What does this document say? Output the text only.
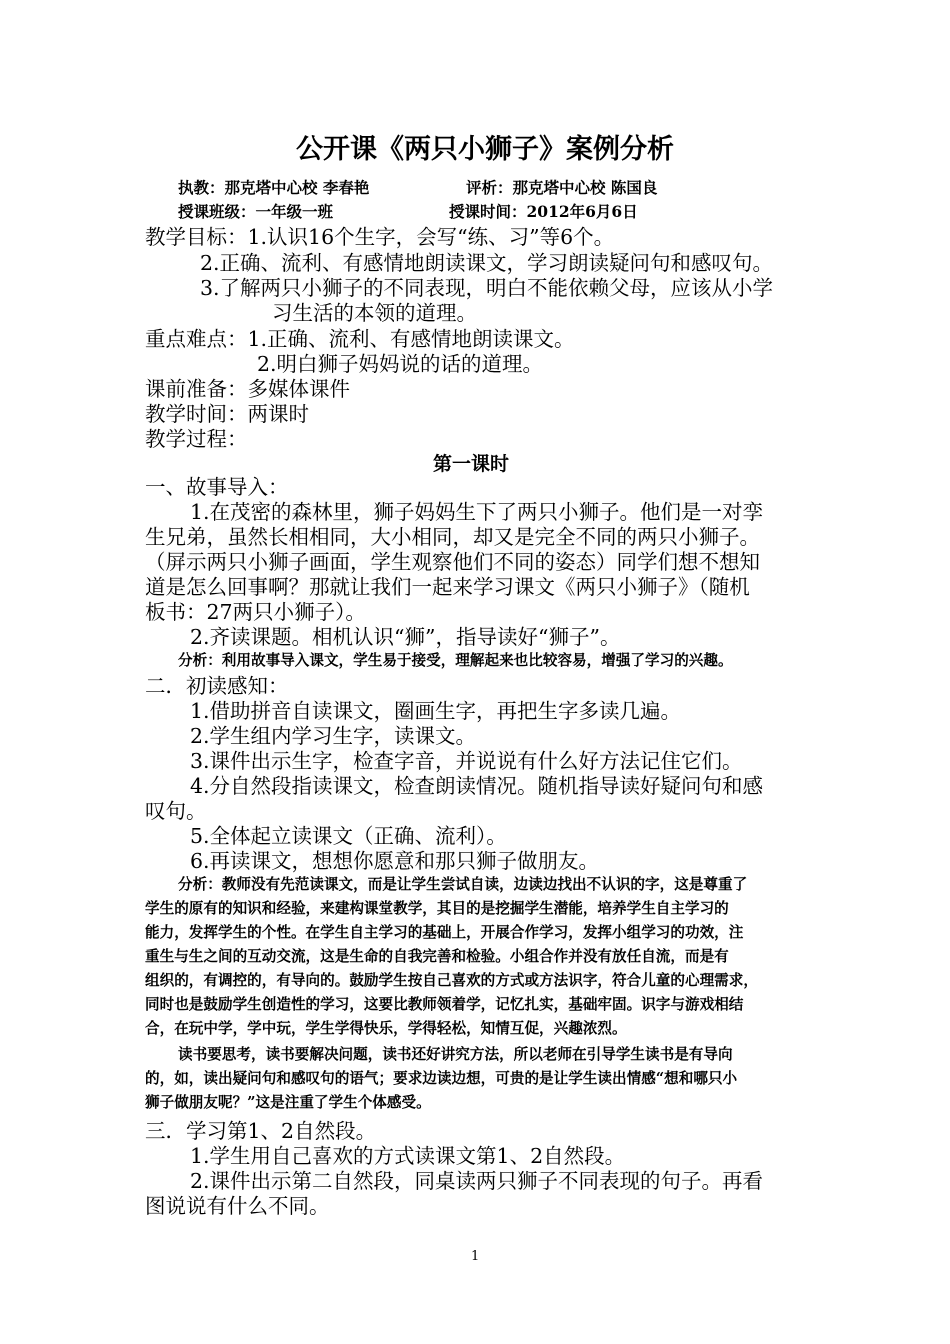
公开课《两只小狮子》案例分析
执教：那克塔中心校 李春艳	评析：那克塔中心校 陈国良
授课班级：一年级一班	授课时间：2012年6月6日
教学目标：1.认识16个生字，会写“练、习”等6个。
2.正确、流利、有感情地朗读课文，学习朗读疑问句和感叹句。
3.了解两只小狮子的不同表现，明白不能依赖父母，应该从小学
习生活的本领的道理。
重点难点：1.正确、流利、有感情地朗读课文。
2.明白狮子妈妈说的话的道理。
课前准备：多媒体课件
教学时间：两课时
教学过程：
第一课时
一、故事导入：
1.在茂密的森林里，狮子妈妈生下了两只小狮子。他们是一对孪
生兄弟，虽然长相相同，大小相同，却又是完全不同的两只小狮子。
（屏示两只小狮子画面，学生观察他们不同的姿态）同学们想不想知
道是怎么回事啊？那就让我们一起来学习课文《两只小狮子》（随机
板书：27两只小狮子）。
2.齐读课题。相机认识“狮”，指导读好“狮子”。
分析：利用故事导入课文，学生易于接受，理解起来也比较容易，增强了学习的兴趣。
二．初读感知：
1.借助拼音自读课文，圈画生字，再把生字多读几遍。
2.学生组内学习生字，读课文。
3.课件出示生字，检查字音，并说说有什么好方法记住它们。
4.分自然段指读课文，检查朗读情况。随机指导读好疑问句和感
叹句。
5.全体起立读课文（正确、流利）。
6.再读课文，想想你愿意和那只狮子做朋友。
分析：教师没有先范读课文，而是让学生尝试自读，边读边找出不认识的字，这是尊重了
学生的原有的知识和经验，来建构课堂教学，其目的是挖掘学生潜能，培养学生自主学习的
能力，发挥学生的个性。在学生自主学习的基础上，开展合作学习，发挥小组学习的功效，注
重生与生之间的互动交流，这是生命的自我完善和检验。小组合作并没有放任自流，而是有
组织的，有调控的，有导向的。鼓励学生按自己喜欢的方式或方法识字，符合儿童的心理需求，
同时也是鼓励学生创造性的学习，这要比教师领着学，记忆扎实，基础牢固。识字与游戏相结
合，在玩中学，学中玩，学生学得快乐，学得轻松，知情互促，兴趣浓烈。
读书要思考，读书要解决问题，读书还好讲究方法，所以老师在引导学生读书是有导向
的，如，读出疑问句和感叹句的语气；要求边读边想，可贵的是让学生读出情感“想和哪只小
狮子做朋友呢？”这是注重了学生个体感受。
三．学习第1、2自然段。
1.学生用自己喜欢的方式读课文第1、2自然段。
2.课件出示第二自然段，同桌读两只狮子不同表现的句子。再看
图说说有什么不同。
1
